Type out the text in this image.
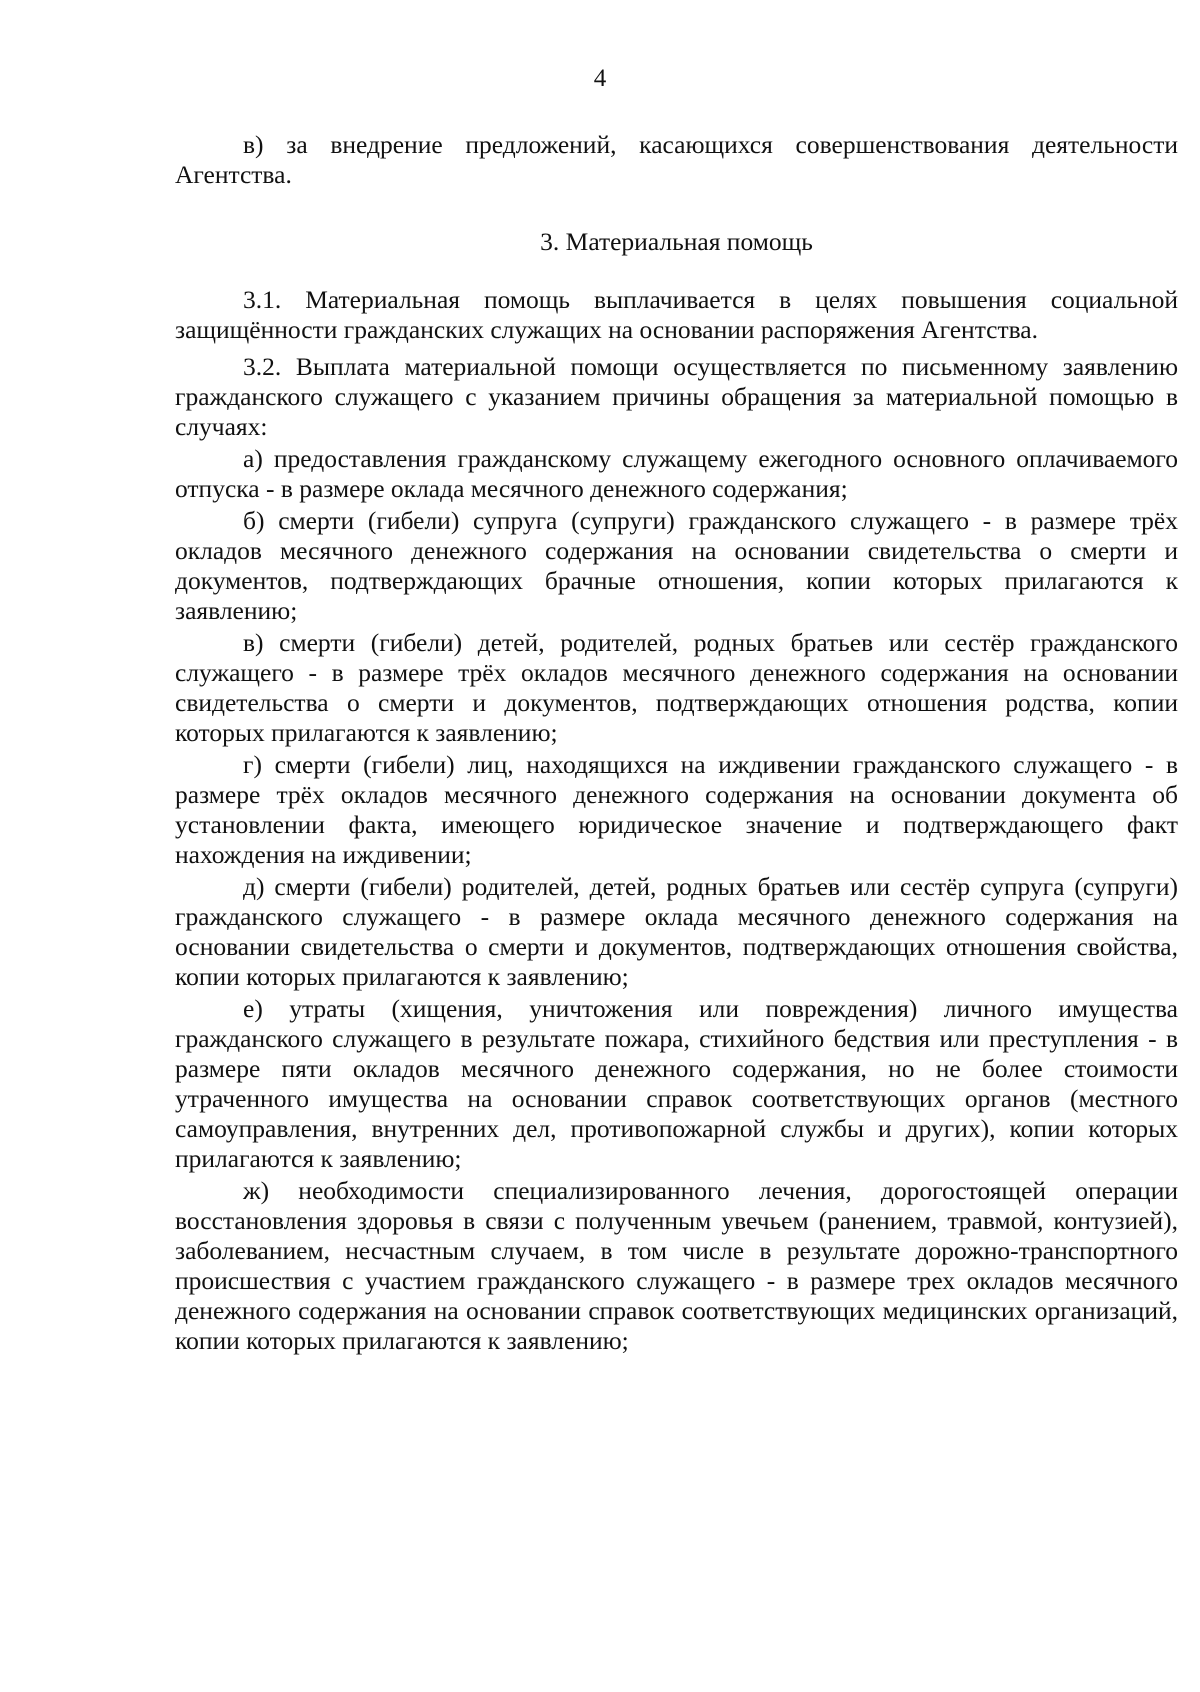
4

в) за внедрение предложений, касающихся совершенствования деятельности Агентства.

3. Материальная помощь

3.1. Материальная помощь выплачивается в целях повышения социальной защищённости гражданских служащих на основании распоряжения Агентства.

3.2. Выплата материальной помощи осуществляется по письменному заявлению гражданского служащего с указанием причины обращения за материальной помощью в случаях:

а) предоставления гражданскому служащему ежегодного основного оплачиваемого отпуска - в размере оклада месячного денежного содержания;

б) смерти (гибели) супруга (супруги) гражданского служащего - в размере трёх окладов месячного денежного содержания на основании свидетельства о смерти и документов, подтверждающих брачные отношения, копии которых прилагаются к заявлению;

в) смерти (гибели) детей, родителей, родных братьев или сестёр гражданского служащего - в размере трёх окладов месячного денежного содержания на основании свидетельства о смерти и документов, подтверждающих отношения родства, копии которых прилагаются к заявлению;

г) смерти (гибели) лиц, находящихся на иждивении гражданского служащего - в размере трёх окладов месячного денежного содержания на основании документа об установлении факта, имеющего юридическое значение и подтверждающего факт нахождения на иждивении;

д) смерти (гибели) родителей, детей, родных братьев или сестёр супруга (супруги) гражданского служащего - в размере оклада месячного денежного содержания на основании свидетельства о смерти и документов, подтверждающих отношения свойства, копии которых прилагаются к заявлению;

е) утраты (хищения, уничтожения или повреждения) личного имущества гражданского служащего в результате пожара, стихийного бедствия или преступления - в размере пяти окладов месячного денежного содержания, но не более стоимости утраченного имущества на основании справок соответствующих органов (местного самоуправления, внутренних дел, противопожарной службы и других), копии которых прилагаются к заявлению;

ж) необходимости специализированного лечения, дорогостоящей операции восстановления здоровья в связи с полученным увечьем (ранением, травмой, контузией), заболеванием, несчастным случаем, в том числе в результате дорожно-транспортного происшествия с участием гражданского служащего - в размере трех окладов месячного денежного содержания на основании справок соответствующих медицинских организаций, копии которых прилагаются к заявлению;
